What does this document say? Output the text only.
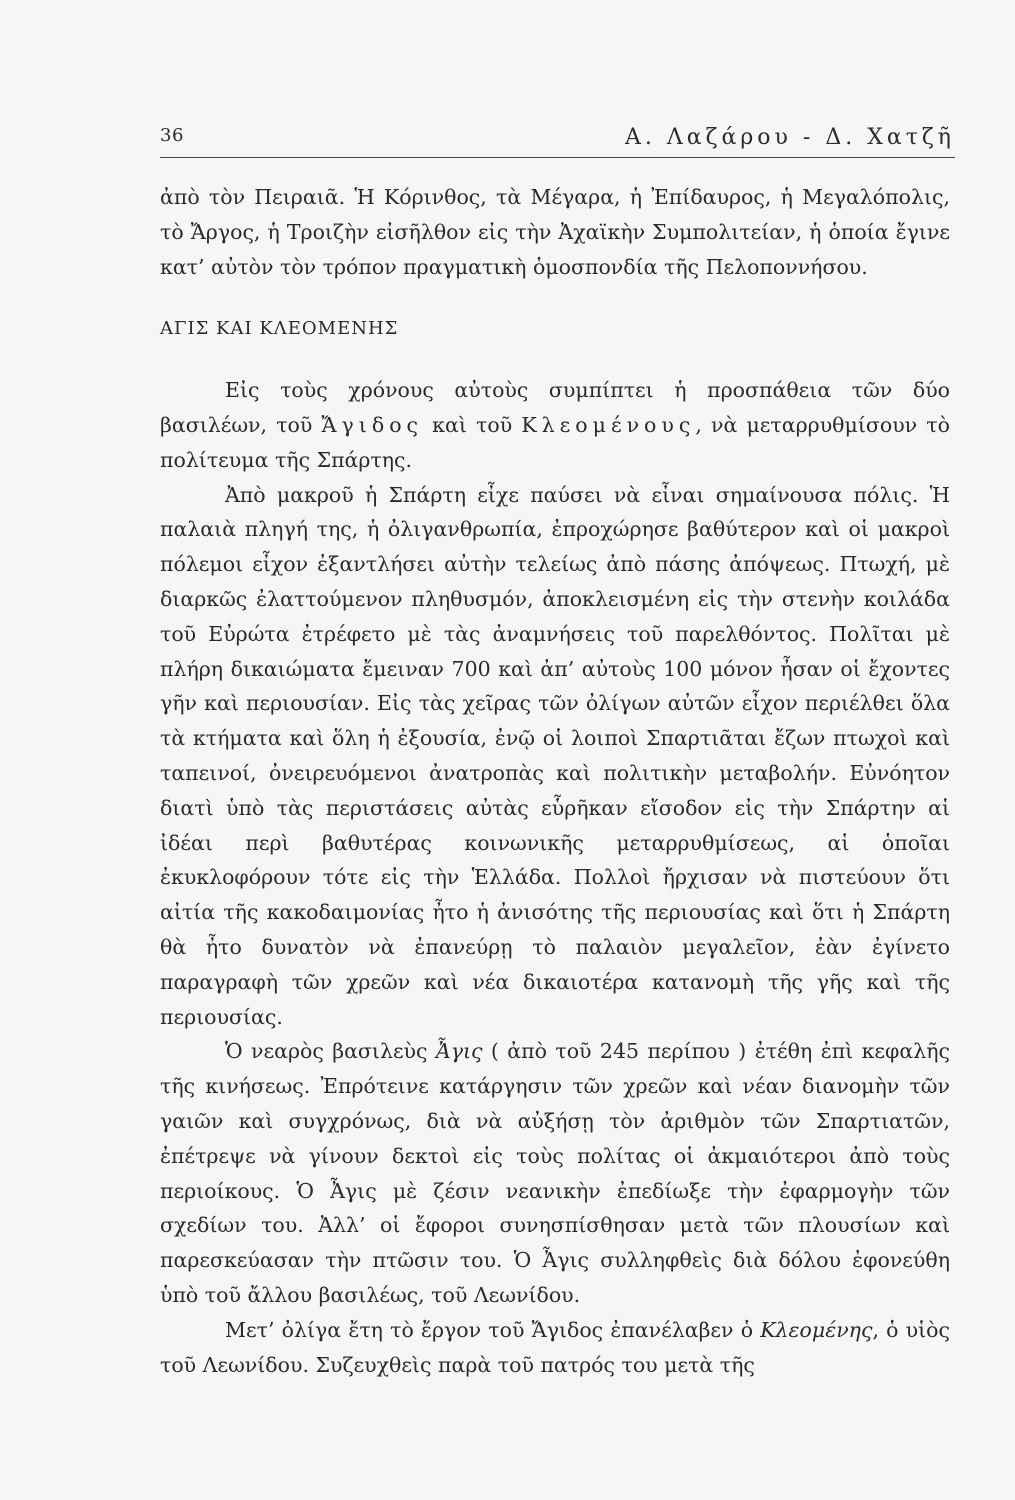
36	Α. Λαζάρου - Δ. Χατζῆ

ἀπὸ τὸν Πειραιᾶ. Ἡ Κόρινθος, τὰ Μέγαρα, ἡ Ἐπίδαυρος, ἡ Μεγαλόπολις, τὸ Ἄργος, ἡ Τροιζὴν εἰσῆλθον εἰς τὴν Ἀχαϊκὴν Συμπολιτείαν, ἡ ὁποία ἔγινε κατ’ αὐτὸν τὸν τρόπον πραγματικὴ ὁμοσπονδία τῆς Πελοποννήσου.

ΑΓΙΣ ΚΑΙ ΚΛΕΟΜΕΝΗΣ

Εἰς τοὺς χρόνους αὐτοὺς συμπίπτει ἡ προσπάθεια τῶν δύο βασιλέων, τοῦ Ἄγιδος καὶ τοῦ Κλεομένους, νὰ μεταρρυθμίσουν τὸ πολίτευμα τῆς Σπάρτης.

Ἀπὸ μακροῦ ἡ Σπάρτη εἶχε παύσει νὰ εἶναι σημαίνουσα πόλις. Ἡ παλαιὰ πληγή της, ἡ ὀλιγανθρωπία, ἐπροχώρησε βαθύτερον καὶ οἱ μακροὶ πόλεμοι εἶχον ἐξαντλήσει αὐτὴν τελείως ἀπὸ πάσης ἀπόψεως. Πτωχή, μὲ διαρκῶς ἐλαττούμενον πληθυσμόν, ἀποκλεισμένη εἰς τὴν στενὴν κοιλάδα τοῦ Εὐρώτα ἐτρέφετο μὲ τὰς ἀναμνήσεις τοῦ παρελθόντος. Πολῖται μὲ πλήρη δικαιώματα ἔμειναν 700 καὶ ἀπ’ αὐτοὺς 100 μόνον ἦσαν οἱ ἔχοντες γῆν καὶ περιουσίαν. Εἰς τὰς χεῖρας τῶν ὀλίγων αὐτῶν εἶχον περιέλθει ὅλα τὰ κτήματα καὶ ὅλη ἡ ἐξουσία, ἐνῷ οἱ λοιποὶ Σπαρτιᾶται ἔζων πτωχοὶ καὶ ταπεινοί, ὀνειρευόμενοι ἀνατροπὰς καὶ πολιτικὴν μεταβολήν. Εὐνόητον διατὶ ὑπὸ τὰς περιστάσεις αὐτὰς εὗρῆκαν εἴσοδον εἰς τὴν Σπάρτην αἱ ἰδέαι περὶ βαθυτέρας κοινωνικῆς μεταρρυθμίσεως, αἱ ὁποῖαι ἐκυκλοφόρουν τότε εἰς τὴν Ἑλλάδα. Πολλοὶ ἤρχισαν νὰ πιστεύουν ὅτι αἰτία τῆς κακοδαιμονίας ἦτο ἡ ἀνισότης τῆς περιουσίας καὶ ὅτι ἡ Σπάρτη θὰ ἦτο δυνατὸν νὰ ἐπανεύρῃ τὸ παλαιὸν μεγαλεῖον, ἐὰν ἐγίνετο παραγραφὴ τῶν χρεῶν καὶ νέα δικαιοτέρα κατανομὴ τῆς γῆς καὶ τῆς περιουσίας.

Ὁ νεαρὸς βασιλεὺς Ἆγις ( ἀπὸ τοῦ 245 περίπου ) ἐτέθη ἐπὶ κεφαλῆς τῆς κινήσεως. Ἐπρότεινε κατάργησιν τῶν χρεῶν καὶ νέαν διανομὴν τῶν γαιῶν καὶ συγχρόνως, διὰ νὰ αὐξήσῃ τὸν ἀριθμὸν τῶν Σπαρτιατῶν, ἐπέτρεψε νὰ γίνουν δεκτοὶ εἰς τοὺς πολίτας οἱ ἀκμαιότεροι ἀπὸ τοὺς περιοίκους. Ὁ Ἆγις μὲ ζέσιν νεανικὴν ἐπεδίωξε τὴν ἐφαρμογὴν τῶν σχεδίων του. Ἀλλ’ οἱ ἔφοροι συνησπίσθησαν μετὰ τῶν πλουσίων καὶ παρεσκεύασαν τὴν πτῶσιν του. Ὁ Ἆγις συλληφθεὶς διὰ δόλου ἐφονεύθη ὑπὸ τοῦ ἄλλου βασιλέως, τοῦ Λεωνίδου.

Μετ’ ὀλίγα ἔτη τὸ ἔργον τοῦ Ἄγιδος ἐπανέλαβεν ὁ Κλεομένης, ὁ υἱὸς τοῦ Λεωνίδου. Συζευχθεὶς παρὰ τοῦ πατρός του μετὰ τῆς
